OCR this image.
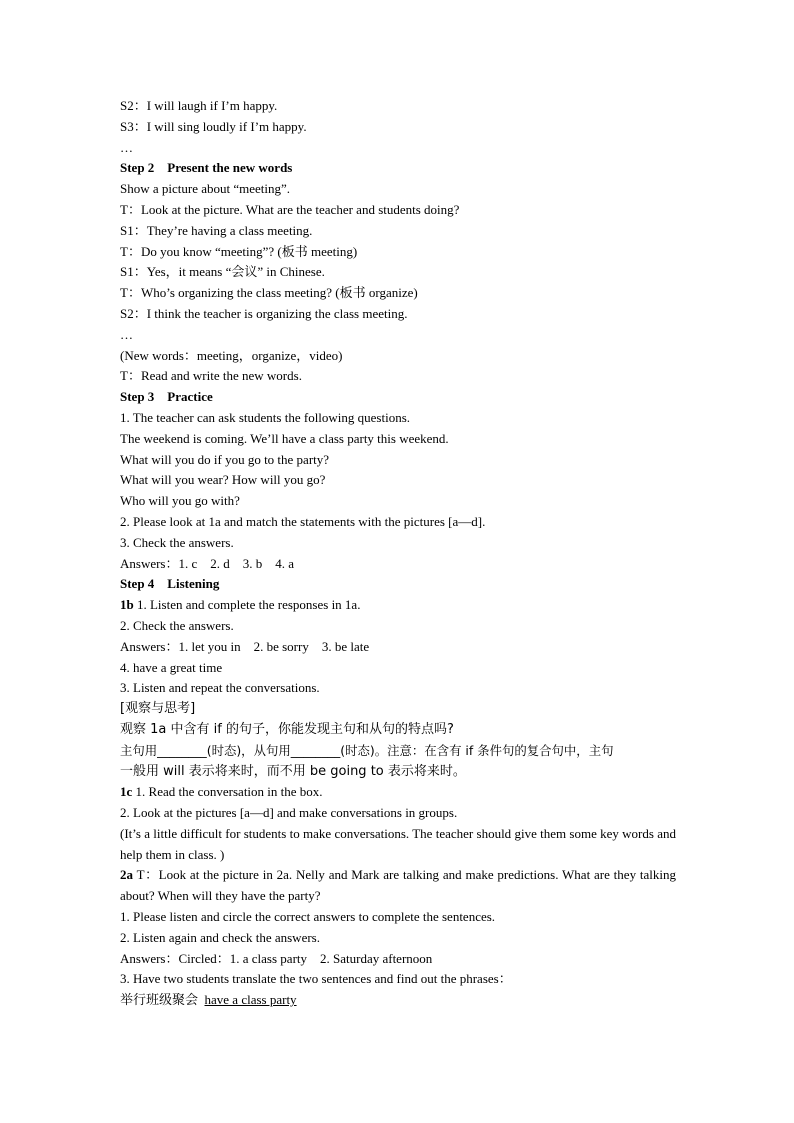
S2：I will laugh if I’m happy.

S3：I will sing loudly if I’m happy.

…

Step 2    Present the new words

Show a picture about “meeting”.

T：Look at the picture. What are the teacher and students doing?

S1：They’re having a class meeting.

T：Do you know “meeting”? (板书 meeting)

S1：Yes，it means “会议” in Chinese.

T：Who’s organizing the class meeting? (板书 organize)

S2：I think the teacher is organizing the class meeting.

…

(New words：meeting，organize，video)

T：Read and write the new words.

Step 3    Practice

1. The teacher can ask students the following questions.

The weekend is coming. We’ll have a class party this weekend.

What will you do if you go to the party?

What will you wear? How will you go?

Who will you go with?

2. Please look at 1a and match the statements with the pictures [a—d].

3. Check the answers.

Answers：1. c    2. d    3. b    4. a

Step 4    Listening

1b 1. Listen and complete the responses in 1a.

2. Check the answers.

Answers：1. let you in    2. be sorry    3. be late

4. have a great time

3. Listen and repeat the conversations.

[观察与思考]

观察 1a 中含有 if 的句子，你能发现主句和从句的特点吗?

主句用________(时态)，从句用________(时态)。注意：在含有 if 条件句的复合句中，主句

一般用 will 表示将来时，而不用 be going to 表示将来时。

1c 1. Read the conversation in the box.

2. Look at the pictures [a—d] and make conversations in groups.

(It’s a little difficult for students to make conversations. The teacher should give them some key words and help them in class. )

2a T：Look at the picture in 2a. Nelly and Mark are talking and make predictions. What are they talking about? When will they have the party?

1. Please listen and circle the correct answers to complete the sentences.

2. Listen again and check the answers.

Answers：Circled：1. a class party    2. Saturday afternoon

3. Have two students translate the two sentences and find out the phrases：

举行班级聚会 have a class party
